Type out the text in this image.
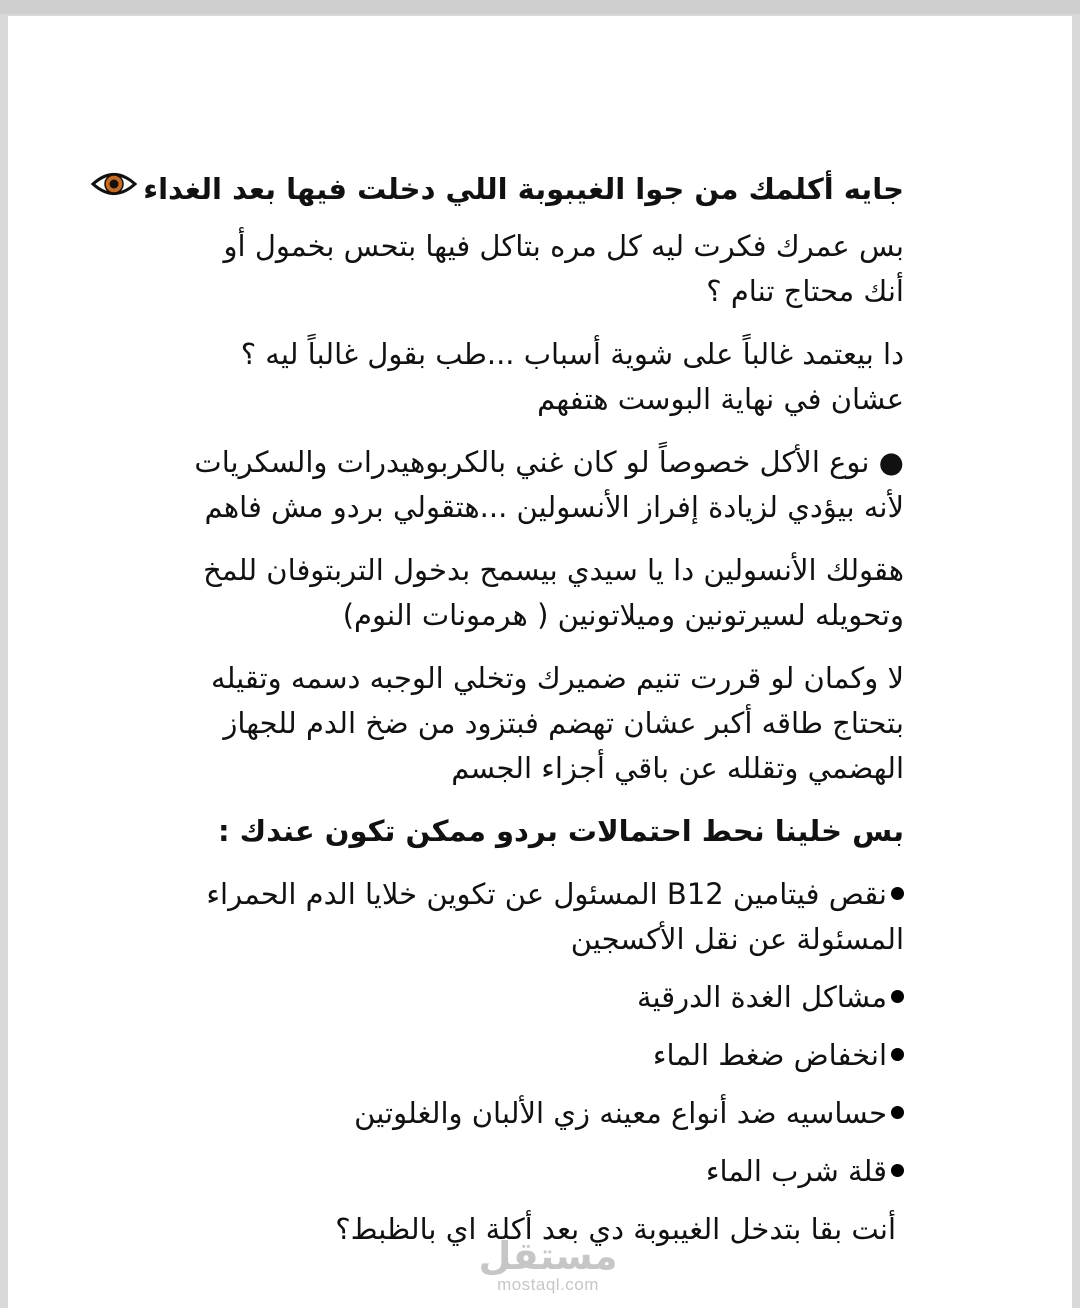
جايه أكلمك من جوا الغيبوبة اللي دخلت فيها بعد الغداء

بس عمرك فكرت ليه كل مره بتاكل فيها بتحس بخمول أو أنك محتاج تنام ؟

دا بيعتمد غالباً على شوية أسباب ...طب بقول غالباً ليه ؟ عشان في نهاية البوست هتفهم

● نوع الأكل خصوصاً لو كان غني بالكربوهيدرات والسكريات لأنه بيؤدي لزيادة إفراز الأنسولين ...هتقولي بردو مش فاهم

هقولك الأنسولين دا يا سيدي بيسمح بدخول التربتوفان للمخ وتحويله لسيرتونين وميلاتونين ( هرمونات النوم)

لا وكمان لو قررت تنيم ضميرك وتخلي الوجبه دسمه وتقيله بتحتاج طاقه أكبر عشان تهضم فبتزود من ضخ الدم للجهاز الهضمي وتقلله عن باقي أجزاء الجسم

بس خلينا نحط احتمالات بردو ممكن تكون عندك :

نقص فيتامين B12 المسئول عن تكوين خلايا الدم الحمراء المسئولة عن نقل الأكسجين
مشاكل الغدة الدرقية
انخفاض ضغط الماء
حساسيه ضد أنواع معينه زي الألبان والغلوتين
قلة شرب الماء

أنت بقا بتدخل الغيبوبة دي بعد أكلة اي بالظبط؟

مستقل
mostaql.com
